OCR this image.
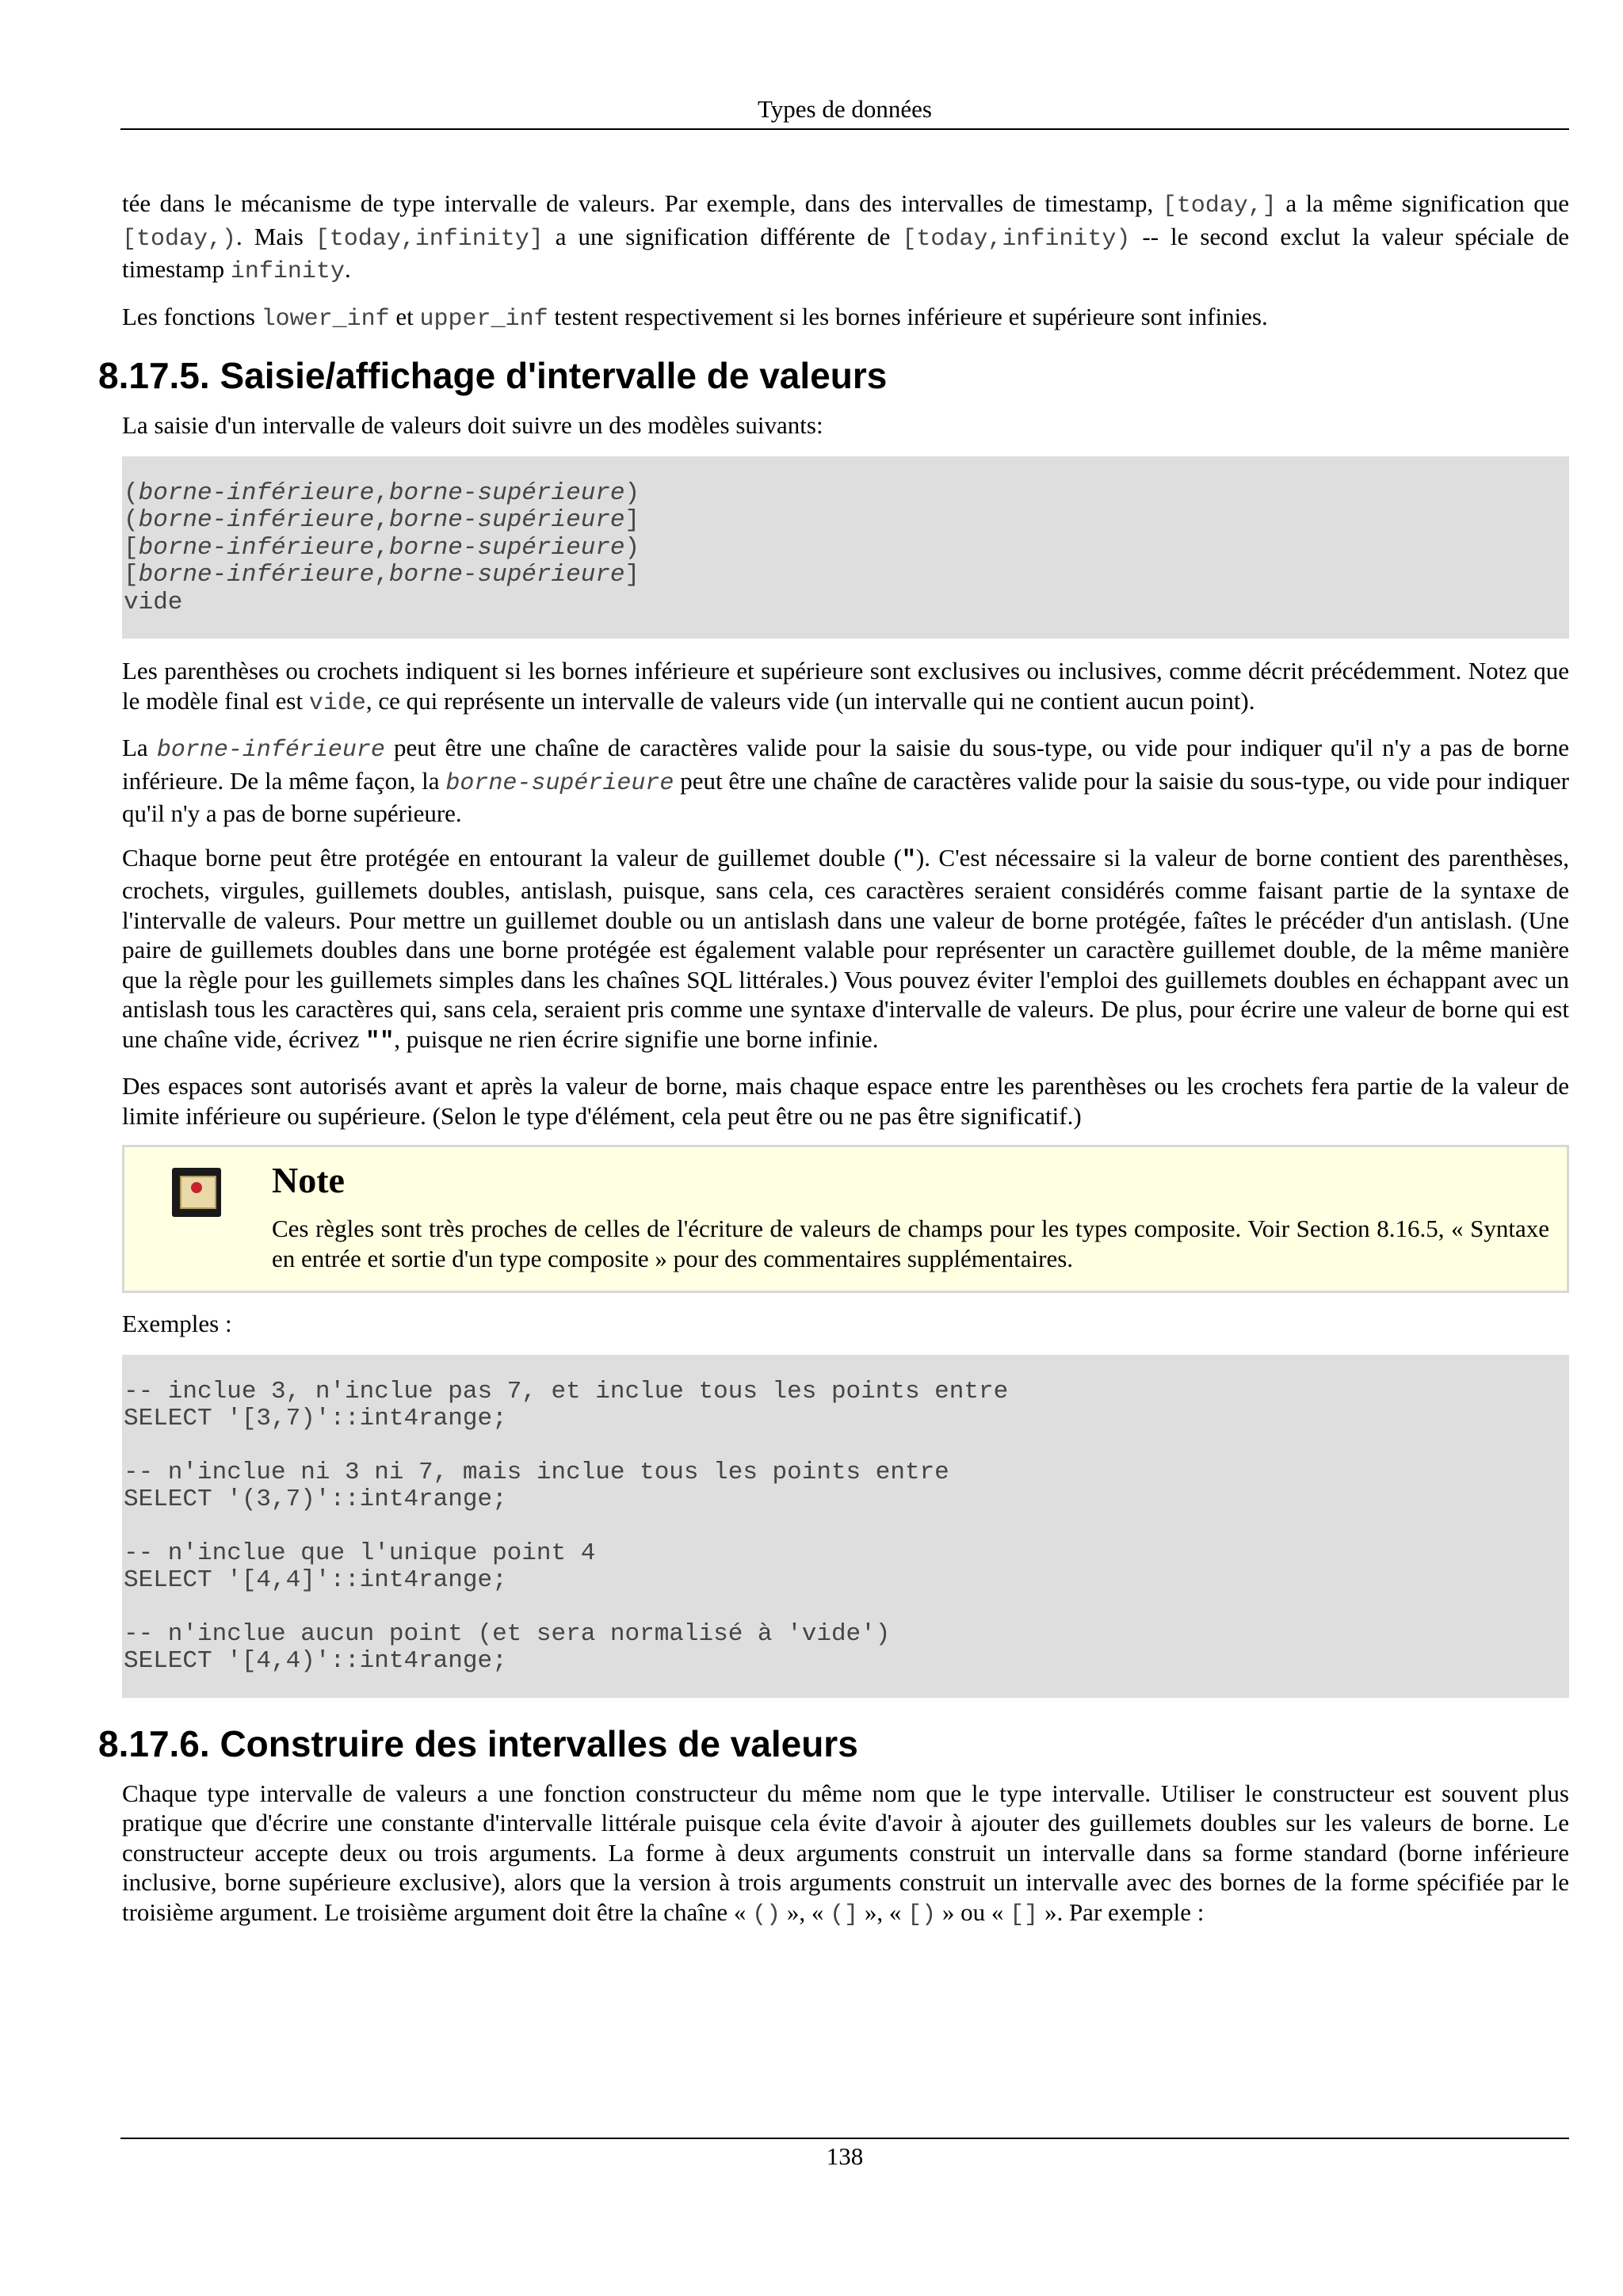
Types de données

tée dans le mécanisme de type intervalle de valeurs. Par exemple, dans des intervalles de timestamp, [today,] a la même signification que [today,). Mais [today,infinity] a une signification différente de [today,infinity) -- le second exclut la valeur spéciale de timestamp infinity.

Les fonctions lower_inf et upper_inf testent respectivement si les bornes inférieure et supérieure sont infinies.

8.17.5. Saisie/affichage d'intervalle de valeurs

La saisie d'un intervalle de valeurs doit suivre un des modèles suivants:

(borne-inférieure,borne-supérieure)
(borne-inférieure,borne-supérieure]
[borne-inférieure,borne-supérieure)
[borne-inférieure,borne-supérieure]
vide

Les parenthèses ou crochets indiquent si les bornes inférieure et supérieure sont exclusives ou inclusives, comme décrit précédemment. Notez que le modèle final est vide, ce qui représente un intervalle de valeurs vide (un intervalle qui ne contient aucun point).

La borne-inférieure peut être une chaîne de caractères valide pour la saisie du sous-type, ou vide pour indiquer qu'il n'y a pas de borne inférieure. De la même façon, la borne-supérieure peut être une chaîne de caractères valide pour la saisie du sous-type, ou vide pour indiquer qu'il n'y a pas de borne supérieure.

Chaque borne peut être protégée en entourant la valeur de guillemet double ("). C'est nécessaire si la valeur de borne contient des parenthèses, crochets, virgules, guillemets doubles, antislash, puisque, sans cela, ces caractères seraient considérés comme faisant partie de la syntaxe de l'intervalle de valeurs. Pour mettre un guillemet double ou un antislash dans une valeur de borne protégée, faîtes le précéder d'un antislash. (Une paire de guillemets doubles dans une borne protégée est également valable pour représenter un caractère guillemet double, de la même manière que la règle pour les guillemets simples dans les chaînes SQL littérales.) Vous pouvez éviter l'emploi des guillemets doubles en échappant avec un antislash tous les caractères qui, sans cela, seraient pris comme une syntaxe d'intervalle de valeurs. De plus, pour écrire une valeur de borne qui est une chaîne vide, écrivez "", puisque ne rien écrire signifie une borne infinie.

Des espaces sont autorisés avant et après la valeur de borne, mais chaque espace entre les parenthèses ou les crochets fera partie de la valeur de limite inférieure ou supérieure. (Selon le type d'élément, cela peut être ou ne pas être significatif.)

Note

Ces règles sont très proches de celles de l'écriture de valeurs de champs pour les types composite. Voir Section 8.16.5, « Syntaxe en entrée et sortie d'un type composite » pour des commentaires supplémentaires.

Exemples :

-- inclue 3, n'inclue pas 7, et inclue tous les points entre
SELECT '[3,7)'::int4range;
-- n'inclue ni 3 ni 7, mais inclue tous les points entre
SELECT '(3,7)'::int4range;
-- n'inclue que l'unique point 4
SELECT '[4,4]'::int4range;
-- n'inclue aucun point (et sera normalisé à 'vide')
SELECT '[4,4)'::int4range;
8.17.6. Construire des intervalles de valeurs

Chaque type intervalle de valeurs a une fonction constructeur du même nom que le type intervalle. Utiliser le constructeur est souvent plus pratique que d'écrire une constante d'intervalle littérale puisque cela évite d'avoir à ajouter des guillemets doubles sur les valeurs de borne. Le constructeur accepte deux ou trois arguments. La forme à deux arguments construit un intervalle dans sa forme standard (borne inférieure inclusive, borne supérieure exclusive), alors que la version à trois arguments construit un intervalle avec des bornes de la forme spécifiée par le troisième argument. Le troisième argument doit être la chaîne « () », « (] », « [) » ou « [] ». Par exemple :

138
